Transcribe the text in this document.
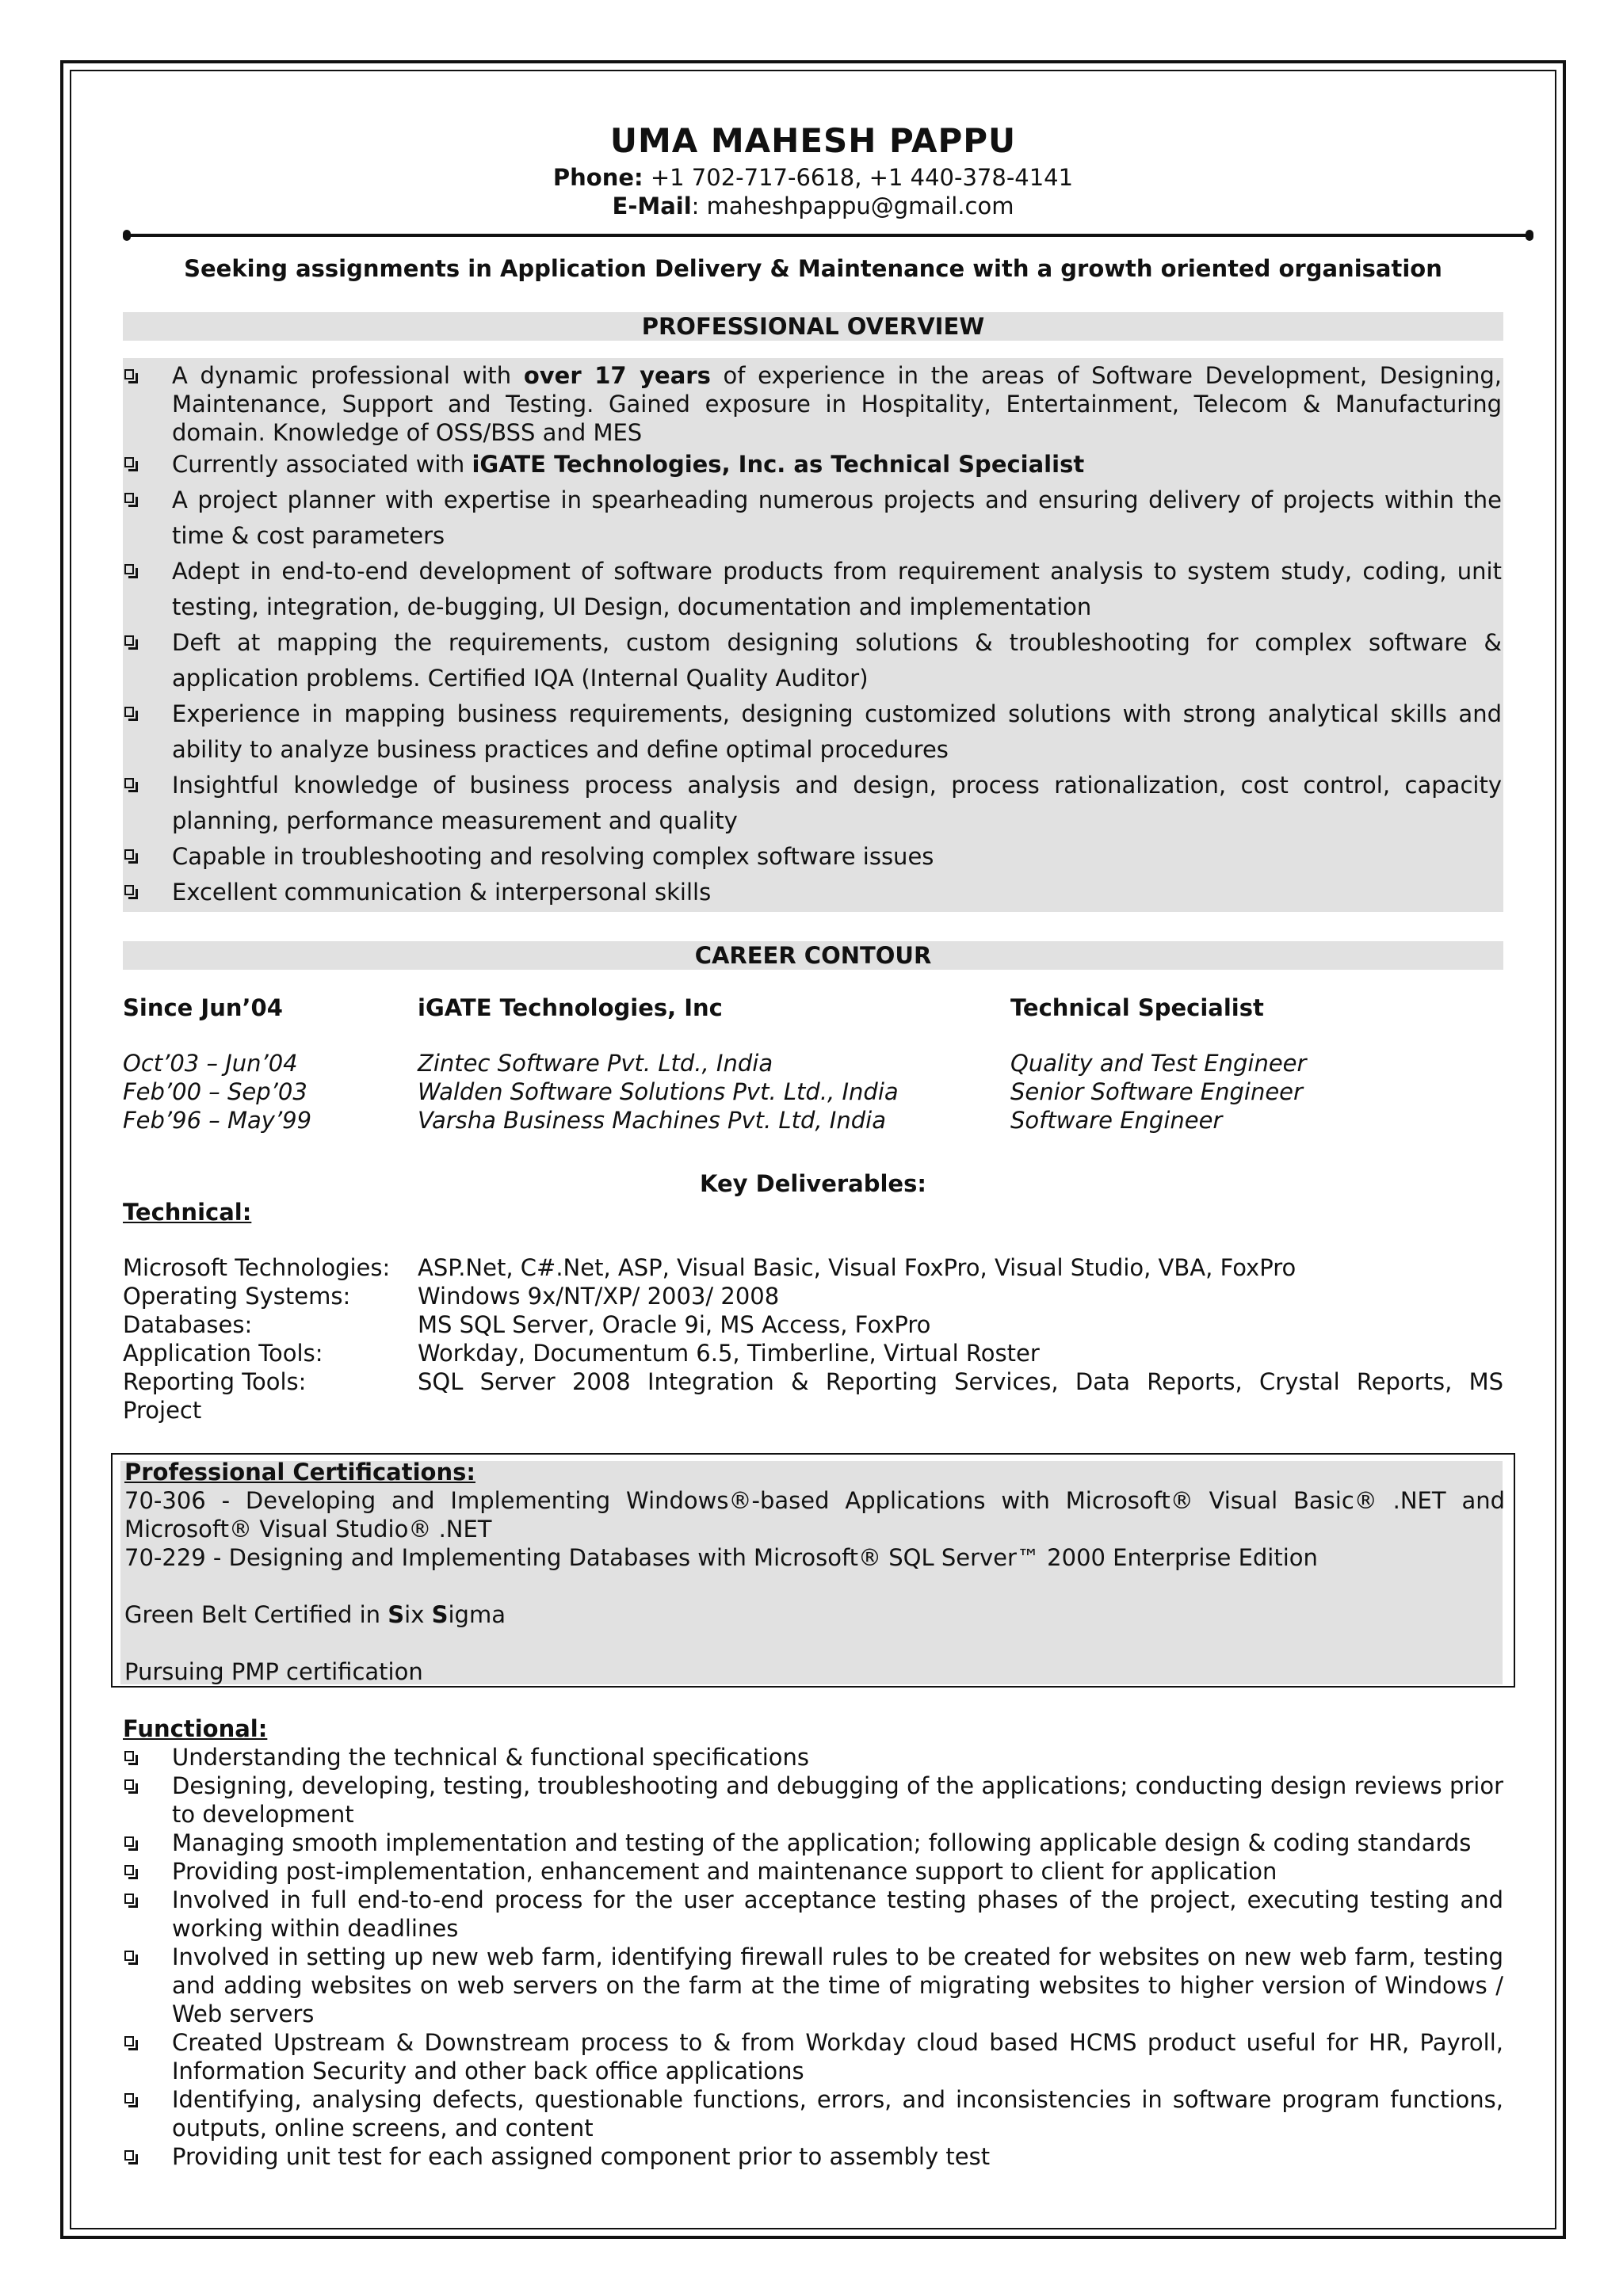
UMA MAHESH PAPPU
Phone: +1 702-717-6618, +1 440-378-4141
E-Mail: maheshpappu@gmail.com
Seeking assignments in Application Delivery & Maintenance with a growth oriented organisation
PROFESSIONAL OVERVIEW
A dynamic professional with over 17 years of experience in the areas of Software Development, Designing, Maintenance, Support and Testing. Gained exposure in Hospitality, Entertainment, Telecom & Manufacturing domain. Knowledge of OSS/BSS and MES
Currently associated with iGATE Technologies, Inc. as Technical Specialist
A project planner with expertise in spearheading numerous projects and ensuring delivery of projects within the time & cost parameters
Adept in end-to-end development of software products from requirement analysis to system study, coding, unit testing, integration, de-bugging, UI Design, documentation and implementation
Deft at mapping the requirements, custom designing solutions & troubleshooting for complex software & application problems. Certified IQA (Internal Quality Auditor)
Experience in mapping business requirements, designing customized solutions with strong analytical skills and ability to analyze business practices and define optimal procedures
Insightful knowledge of business process analysis and design, process rationalization, cost control, capacity planning, performance measurement and quality
Capable in troubleshooting and resolving complex software issues
Excellent communication & interpersonal skills
CAREER CONTOUR
Since Jun’04	iGATE Technologies, Inc	Technical Specialist
Oct’03 – Jun’04	Zintec Software Pvt. Ltd., India	Quality and Test Engineer
Feb’00 – Sep’03	Walden Software Solutions Pvt. Ltd., India	Senior Software Engineer
Feb’96 – May’99	Varsha Business Machines Pvt. Ltd, India	Software Engineer
Key Deliverables:
Technical:
Microsoft Technologies:	ASP.Net, C#.Net, ASP, Visual Basic, Visual FoxPro, Visual Studio, VBA, FoxPro
Operating Systems:	Windows 9x/NT/XP/ 2003/ 2008
Databases:	MS SQL Server, Oracle 9i, MS Access, FoxPro
Application Tools:	Workday, Documentum 6.5, Timberline, Virtual Roster
Reporting Tools:	SQL Server 2008 Integration & Reporting Services, Data Reports, Crystal Reports, MS
Project
Professional Certifications:
70-306 - Developing and Implementing Windows®-based Applications with Microsoft® Visual Basic® .NET and Microsoft® Visual Studio® .NET
70-229 - Designing and Implementing Databases with Microsoft® SQL Server™ 2000 Enterprise Edition
Green Belt Certified in Six Sigma
Pursuing PMP certification
Functional:
Understanding the technical & functional specifications
Designing, developing, testing, troubleshooting and debugging of the applications; conducting design reviews prior to development
Managing smooth implementation and testing of the application; following applicable design & coding standards
Providing post-implementation, enhancement and maintenance support to client for application
Involved in full end-to-end process for the user acceptance testing phases of the project, executing testing and working within deadlines
Involved in setting up new web farm, identifying firewall rules to be created for websites on new web farm, testing and adding websites on web servers on the farm at the time of migrating websites to higher version of Windows / Web servers
Created Upstream & Downstream process to & from Workday cloud based HCMS product useful for HR, Payroll, Information Security and other back office applications
Identifying, analysing defects, questionable functions, errors, and inconsistencies in software program functions, outputs, online screens, and content
Providing unit test for each assigned component prior to assembly test
